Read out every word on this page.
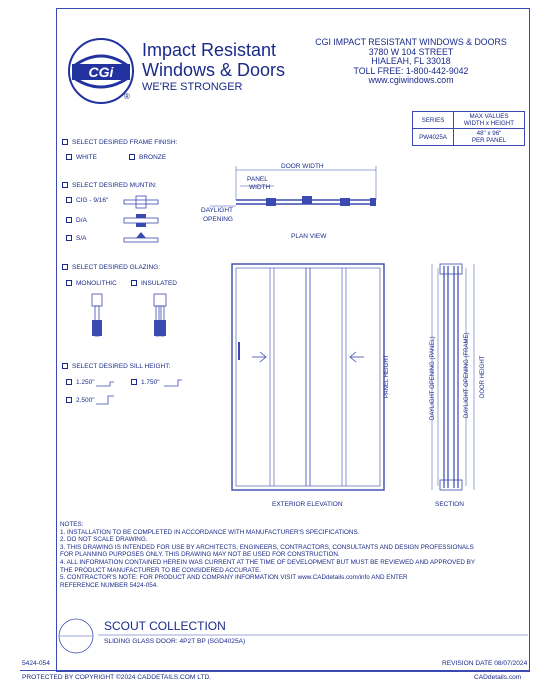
CGi
Impact Resistant
Windows & Doors
®
WE'RE STRONGER
CGI IMPACT RESISTANT WINDOWS & DOORS
3780 W 104 STREET
HIALEAH, FL 33018
TOLL FREE: 1-800-442-9042
www.cgiwindows.com
SERIES	MAX VALUES
WIDTH x HEIGHT

PW4025A	48" x 96"
PER PANEL
SELECT DESIRED FRAME FINISH:
WHITE	BRONZE
SELECT DESIRED MUNTIN:
CIG - 9/16"
D/A
S/A
SELECT DESIRED GLAZING:
MONOLITHIC	INSULATED
SELECT DESIRED SILL HEIGHT:
1.250"	1.750"
2.500"
DOOR WIDTH
PANEL
WIDTH
DAYLIGHT
OPENING
PLAN VIEW
EXTERIOR ELEVATION
PANEL HEIGHT	DAYLIGHT OPENING (PANEL)	DAYLIGHT OPENING (FRAME) DOOR HEIGHT
SECTION
NOTES:
1. INSTALLATION TO BE COMPLETED IN ACCORDANCE WITH MANUFACTURER'S SPECIFICATIONS.
2. DO NOT SCALE DRAWING.
3. THIS DRAWING IS INTENDED FOR USE BY ARCHITECTS, ENGINEERS, CONTRACTORS, CONSULTANTS AND DESIGN PROFESSIONALS
FOR PLANNING PURPOSES ONLY. THIS DRAWING MAY NOT BE USED FOR CONSTRUCTION.
4. ALL INFORMATION CONTAINED HEREIN WAS CURRENT AT THE TIME OF DEVELOPMENT BUT MUST BE REVIEWED AND APPROVED BY
THE PRODUCT MANUFACTURER TO BE CONSIDERED ACCURATE.
5. CONTRACTOR'S NOTE: FOR PRODUCT AND COMPANY INFORMATION VISIT www.CADdetails.com/info AND ENTER
REFERENCE NUMBER 5424-054.
SCOUT COLLECTION
SLIDING GLASS DOOR: 4P2T BP (SGD4025A)
5424-054	REVISION DATE 08/07/2024
PROTECTED BY COPYRIGHT ©2024 CADDETAILS.COM LTD.	CADdetails.com
